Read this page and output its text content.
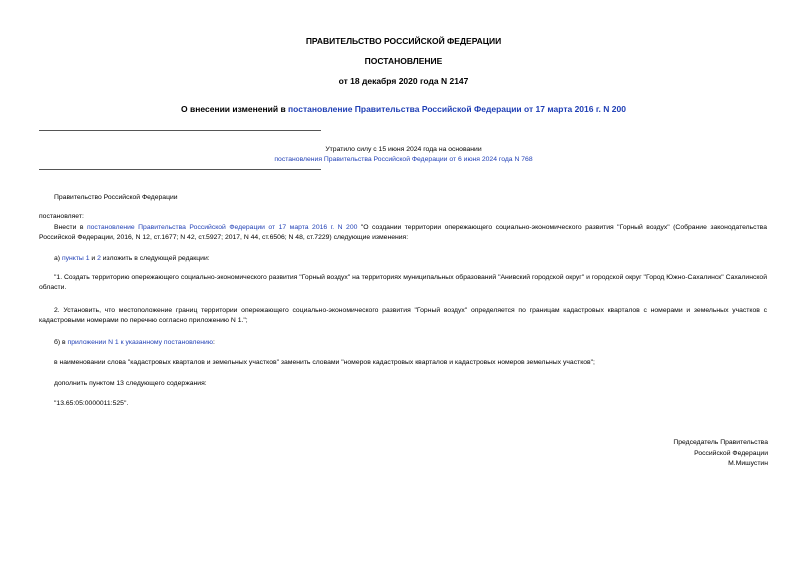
ПРАВИТЕЛЬСТВО РОССИЙСКОЙ ФЕДЕРАЦИИ
ПОСТАНОВЛЕНИЕ
от 18 декабря 2020 года N 2147
О внесении изменений в постановление Правительства Российской Федерации от 17 марта 2016 г. N 200
Утратило силу с 15 июня 2024 года на основании
постановления Правительства Российской Федерации от 6 июня 2024 года N 768
Правительство Российской Федерации
постановляет:
Внести в постановление Правительства Российской Федерации от 17 марта 2016 г. N 200 "О создании территории опережающего социально-экономического развития "Горный воздух" (Собрание законодательства Российской Федерации, 2016, N 12, ст.1677; N 42, ст.5927; 2017, N 44, ст.6506; N 48, ст.7229) следующие изменения:
а) пункты 1 и 2 изложить в следующей редакции:
"1. Создать территорию опережающего социально-экономического развития "Горный воздух" на территориях муниципальных образований "Анивский городской округ" и городской округ "Город Южно-Сахалинск" Сахалинской области.
2. Установить, что местоположение границ территории опережающего социально-экономического развития "Горный воздух" определяется по границам кадастровых кварталов с номерами и земельных участков с кадастровыми номерами по перечню согласно приложению N 1.";
б) в приложении N 1 к указанному постановлению:
в наименовании слова "кадастровых кварталов и земельных участков" заменить словами "номеров кадастровых кварталов и кадастровых номеров земельных участков";
дополнить пунктом 13 следующего содержания:
"13.65:05:0000011:525".
Председатель Правительства
Российской Федерации
М.Мишустин
